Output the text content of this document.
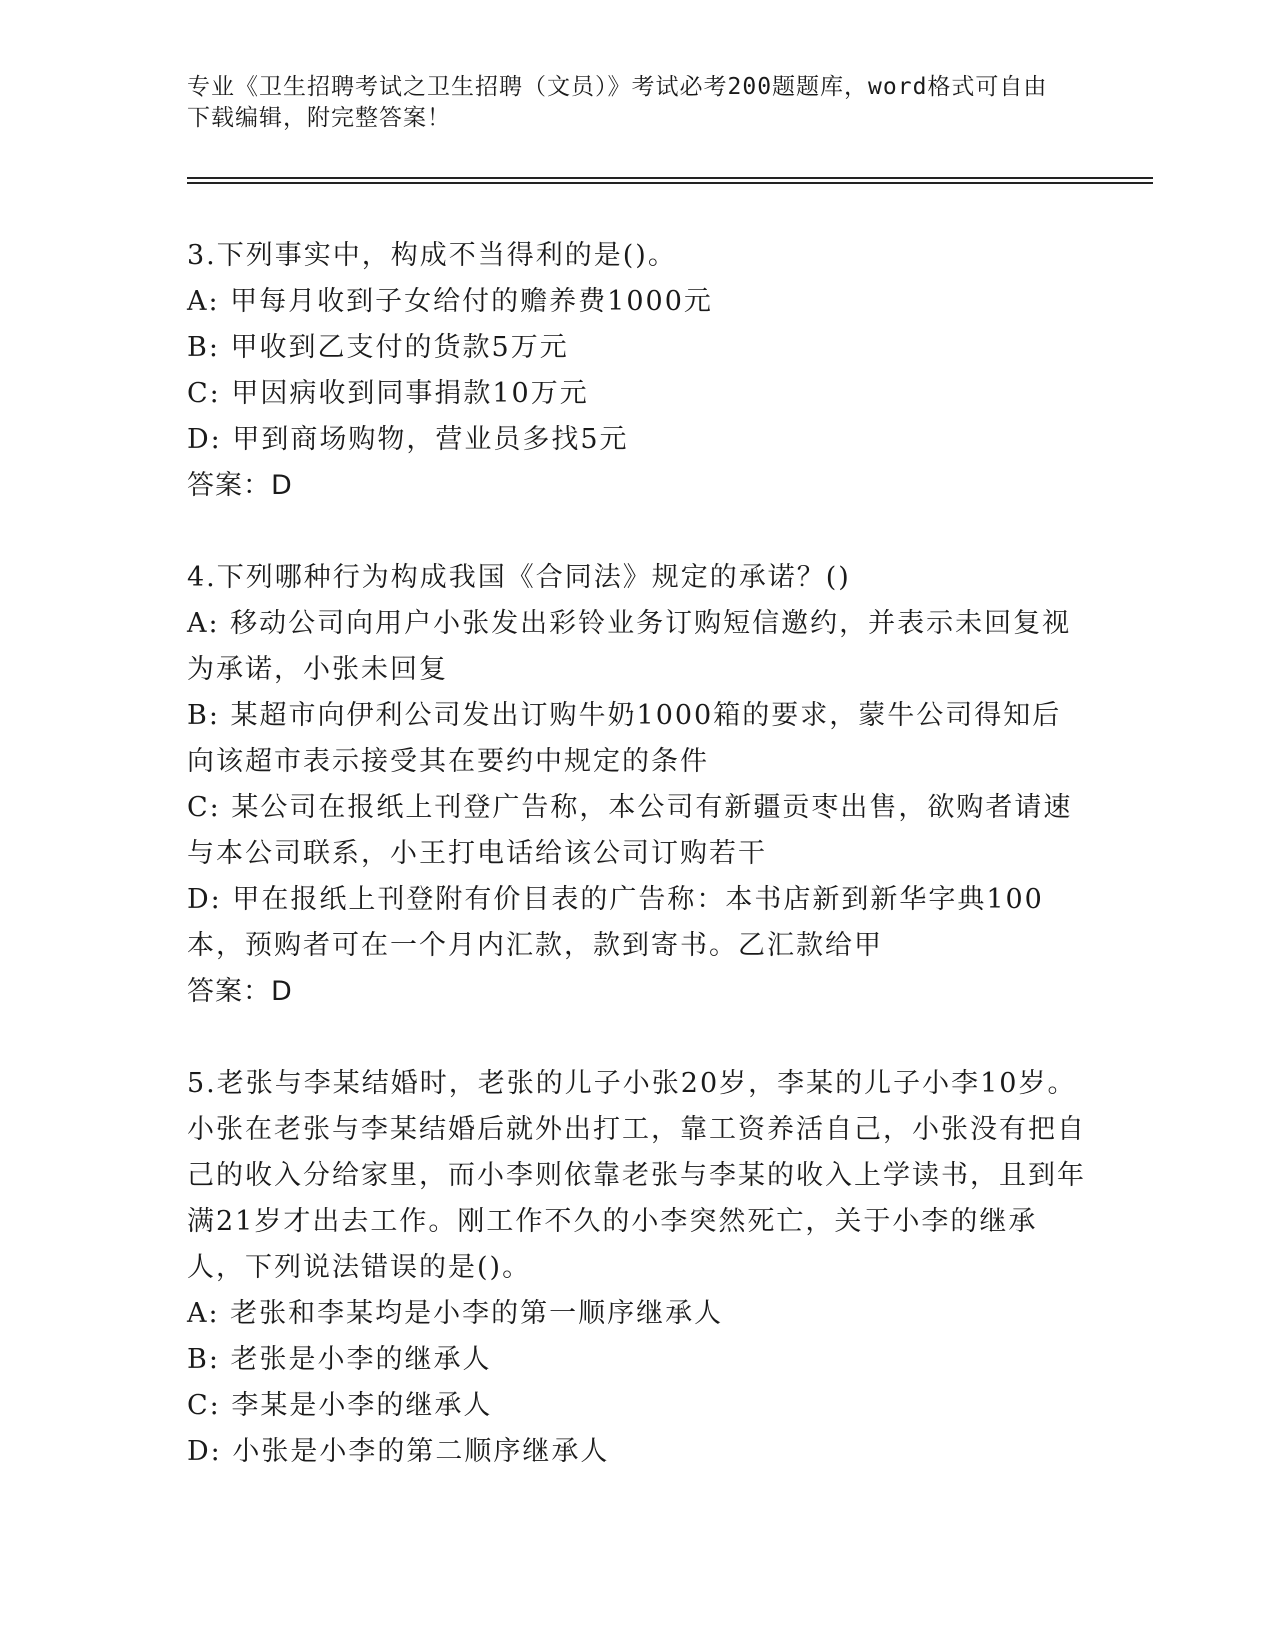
专业《卫生招聘考试之卫生招聘（文员）》考试必考200题题库，word格式可自由下载编辑，附完整答案！

3.下列事实中，构成不当得利的是()。

A: 甲每月收到子女给付的赡养费1000元

B: 甲收到乙支付的货款5万元

C: 甲因病收到同事捐款10万元

D: 甲到商场购物，营业员多找5元

答案：D

4.下列哪种行为构成我国《合同法》规定的承诺？()

A: 移动公司向用户小张发出彩铃业务订购短信邀约，并表示未回复视为承诺，小张未回复

B: 某超市向伊利公司发出订购牛奶1000箱的要求，蒙牛公司得知后向该超市表示接受其在要约中规定的条件

C: 某公司在报纸上刊登广告称，本公司有新疆贡枣出售，欲购者请速与本公司联系，小王打电话给该公司订购若干

D: 甲在报纸上刊登附有价目表的广告称：本书店新到新华字典100本，预购者可在一个月内汇款，款到寄书。乙汇款给甲

答案：D

5.老张与李某结婚时，老张的儿子小张20岁，李某的儿子小李10岁。小张在老张与李某结婚后就外出打工，靠工资养活自己，小张没有把自己的收入分给家里，而小李则依靠老张与李某的收入上学读书，且到年满21岁才出去工作。刚工作不久的小李突然死亡，关于小李的继承人，下列说法错误的是()。

A: 老张和李某均是小李的第一顺序继承人

B: 老张是小李的继承人

C: 李某是小李的继承人

D: 小张是小李的第二顺序继承人
